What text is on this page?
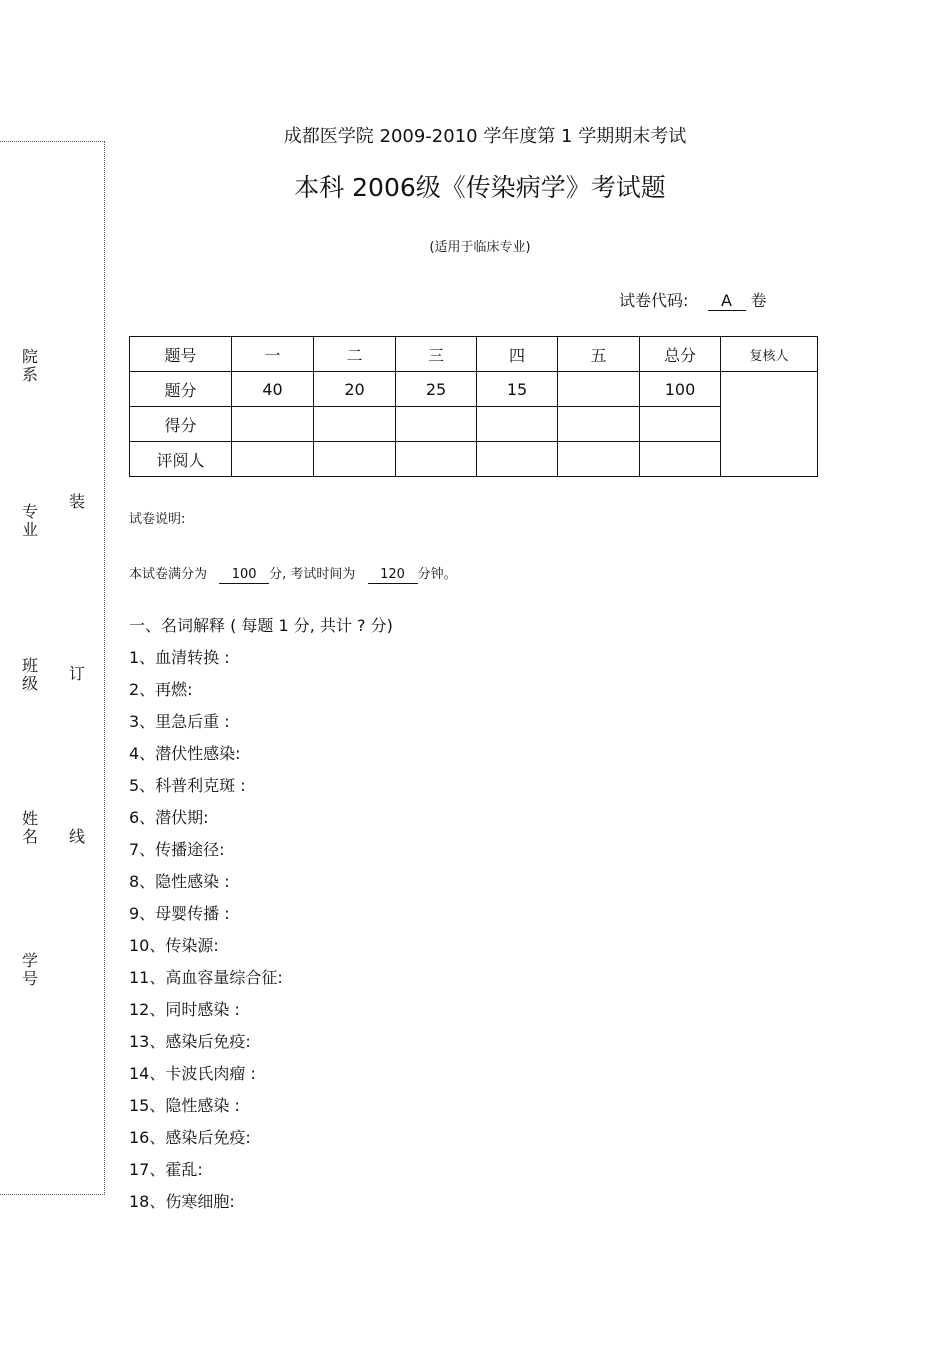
院系
专业
班级
姓名
学号
装
订
线
成都医学院 2009-2010 学年度第 1 学期期末考试
本科 2006级《传染病学》考试题
(适用于临床专业)
试卷代码: A 卷
题号	一	二	三	四	五	总分	复核人
题分	40	20	25	15		100	
得分							
评阅人							
试卷说明:
本试卷满分为 100 分, 考试时间为 120 分钟。
一、名词解释 ( 每题 1 分, 共计 ? 分)
1、血清转换 :
2、再燃:
3、里急后重 :
4、潜伏性感染:
5、科普利克斑 :
6、潜伏期:
7、传播途径:
8、隐性感染 :
9、母婴传播 :
10、传染源:
11、高血容量综合征:
12、同时感染 :
13、感染后免疫:
14、卡波氏肉瘤 :
15、隐性感染 :
16、感染后免疫:
17、霍乱:
18、伤寒细胞:
